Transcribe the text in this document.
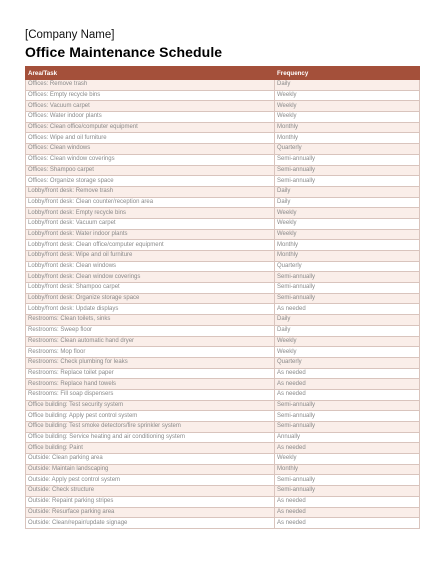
[Company Name]
Office Maintenance Schedule
Area/Task	Frequency
Offices: Remove trash	Daily
Offices: Empty recycle bins	Weekly
Offices: Vacuum carpet	Weekly
Offices: Water indoor plants	Weekly
Offices: Clean office/computer equipment	Monthly
Offices: Wipe and oil furniture	Monthly
Offices: Clean windows	Quarterly
Offices: Clean window coverings	Semi-annually
Offices: Shampoo carpet	Semi-annually
Offices: Organize storage space	Semi-annually
Lobby/front desk: Remove trash	Daily
Lobby/front desk: Clean counter/reception area	Daily
Lobby/front desk: Empty recycle bins	Weekly
Lobby/front desk: Vacuum carpet	Weekly
Lobby/front desk: Water indoor plants	Weekly
Lobby/front desk: Clean office/computer equipment	Monthly
Lobby/front desk: Wipe and oil furniture	Monthly
Lobby/front desk: Clean windows	Quarterly
Lobby/front desk: Clean window coverings	Semi-annually
Lobby/front desk: Shampoo carpet	Semi-annually
Lobby/front desk: Organize storage space	Semi-annually
Lobby/front desk: Update displays	As needed
Restrooms: Clean toilets, sinks	Daily
Restrooms: Sweep floor	Daily
Restrooms: Clean automatic hand dryer	Weekly
Restrooms: Mop floor	Weekly
Restrooms: Check plumbing for leaks	Quarterly
Restrooms: Replace toilet paper	As needed
Restrooms: Replace hand towels	As needed
Restrooms: Fill soap dispensers	As needed
Office building: Test security system	Semi-annually
Office building: Apply pest control system	Semi-annually
Office building: Test smoke detectors/fire sprinkler system	Semi-annually
Office building: Service heating and air conditioning system	Annually
Office building: Paint	As needed
Outside: Clean parking area	Weekly
Outside: Maintain landscaping	Monthly
Outside: Apply pest control system	Semi-annually
Outside: Check structure	Semi-annually
Outside: Repaint parking stripes	As needed
Outside: Resurface parking area	As needed
Outside: Clean/repair/update signage	As needed
